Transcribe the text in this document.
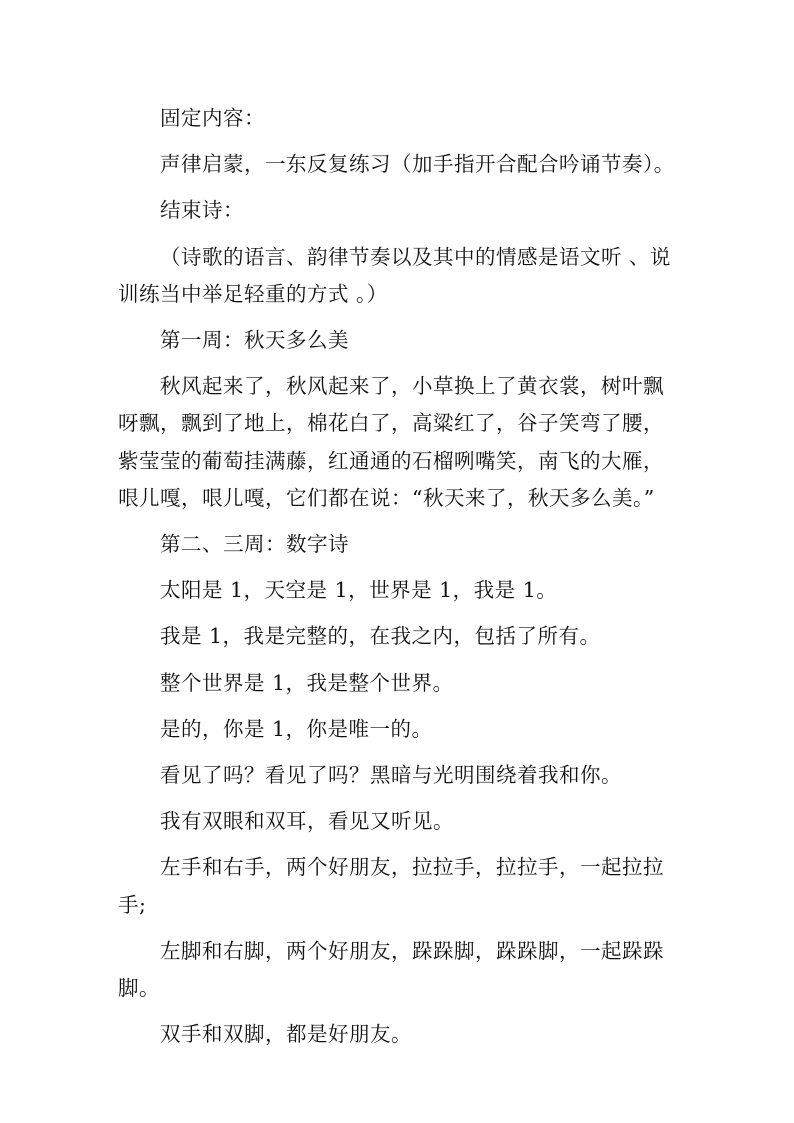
固定内容：

声律启蒙，一东反复练习（加手指开合配合吟诵节奏）。

结束诗：

（诗歌的语言、韵律节奏以及其中的情感是语文听 、说训练当中举足轻重的方式 。）

第一周：秋天多么美

秋风起来了，秋风起来了，小草换上了黄衣裳，树叶飘呀飘，飘到了地上，棉花白了，高粱红了，谷子笑弯了腰，紫莹莹的葡萄挂满藤，红通通的石榴咧嘴笑，南飞的大雁，哏儿嘎，哏儿嘎，它们都在说：“秋天来了，秋天多么美。”

第二、三周：数字诗

太阳是 1，天空是 1，世界是 1，我是 1。

我是 1，我是完整的，在我之内，包括了所有。

整个世界是 1，我是整个世界。

是的，你是 1，你是唯一的。

看见了吗？看见了吗？黑暗与光明围绕着我和你。

我有双眼和双耳，看见又听见。

左手和右手，两个好朋友，拉拉手，拉拉手，一起拉拉手;

左脚和右脚，两个好朋友，跺跺脚，跺跺脚，一起跺跺脚。

双手和双脚，都是好朋友。
